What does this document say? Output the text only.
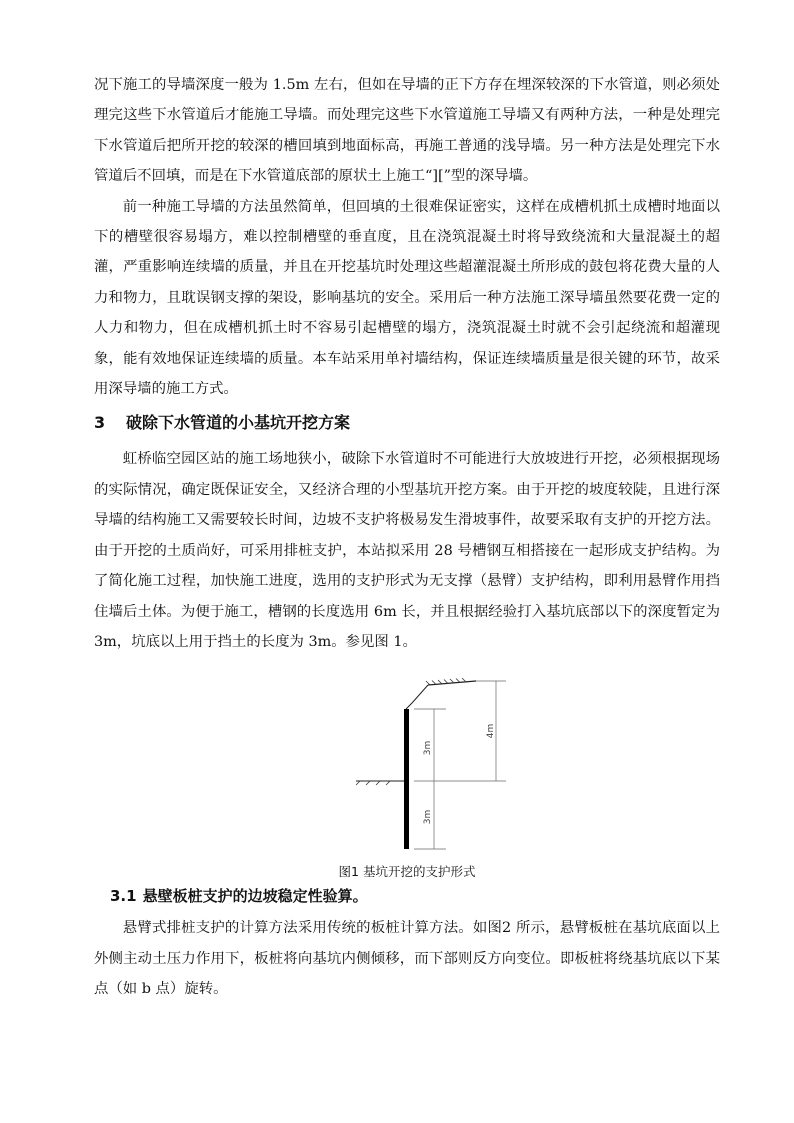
况下施工的导墙深度一般为 1.5m 左右，但如在导墙的正下方存在埋深较深的下水管道，则必须处理完这些下水管道后才能施工导墙。而处理完这些下水管道施工导墙又有两种方法，一种是处理完下水管道后把所开挖的较深的槽回填到地面标高，再施工普通的浅导墙。另一种方法是处理完下水管道后不回填，而是在下水管道底部的原状土上施工“][”型的深导墙。

前一种施工导墙的方法虽然简单，但回填的土很难保证密实，这样在成槽机抓土成槽时地面以下的槽壁很容易塌方，难以控制槽壁的垂直度，且在浇筑混凝土时将导致绕流和大量混凝土的超灌，严重影响连续墙的质量，并且在开挖基坑时处理这些超灌混凝土所形成的鼓包将花费大量的人力和物力，且耽误钢支撑的架设，影响基坑的安全。采用后一种方法施工深导墙虽然要花费一定的人力和物力，但在成槽机抓土时不容易引起槽壁的塌方，浇筑混凝土时就不会引起绕流和超灌现象，能有效地保证连续墙的质量。本车站采用单衬墙结构，保证连续墙质量是很关键的环节，故采用深导墙的施工方式。

3 破除下水管道的小基坑开挖方案

虹桥临空园区站的施工场地狭小，破除下水管道时不可能进行大放坡进行开挖，必须根据现场的实际情况，确定既保证安全，又经济合理的小型基坑开挖方案。由于开挖的坡度较陡，且进行深导墙的结构施工又需要较长时间，边坡不支护将极易发生滑坡事件，故要采取有支护的开挖方法。由于开挖的土质尚好，可采用排桩支护，本站拟采用 28 号槽钢互相搭接在一起形成支护结构。为了简化施工过程，加快施工进度，选用的支护形式为无支撑（悬臂）支护结构，即利用悬臂作用挡住墙后土体。为便于施工，槽钢的长度选用 6m 长，并且根据经验打入基坑底部以下的深度暂定为 3m，坑底以上用于挡土的长度为 3m。参见图 1。

3m
3m
4m
图1 基坑开挖的支护形式
3.1 悬壁板桩支护的边坡稳定性验算。

悬臂式排桩支护的计算方法采用传统的板桩计算方法。如图2 所示，悬臂板桩在基坑底面以上外侧主动土压力作用下，板桩将向基坑内侧倾移，而下部则反方向变位。即板桩将绕基坑底以下某点（如 b 点）旋转。
